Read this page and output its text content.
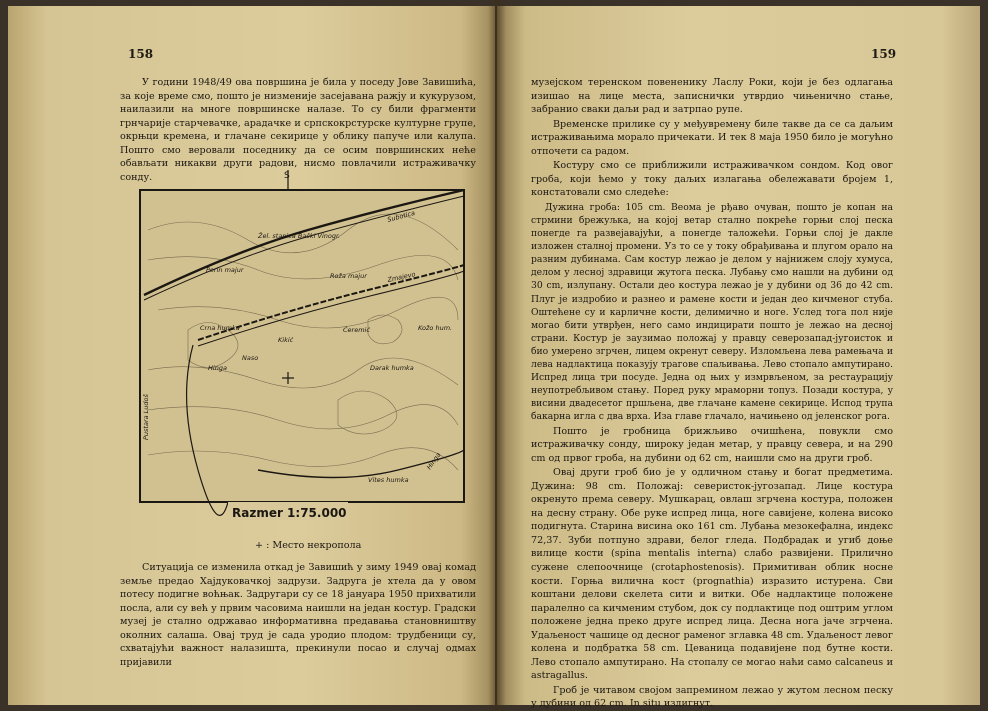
158	159

У години 1948/49 ова површина је била у поседу Јове Завишића, за које време смо, пошто је низменије засејавана ражју и кукурузом, наилазили на многе површинске налазе. То су били фрагменти грнчарије старчевачке, арадачке и српскокрстурске културне групе, окрњци кремена, и глачане секирице у облику папуче или калупа. Пошто смо веровали поседнику да се осим површинских неће обављати никакви други радови, нисмо повлачили истраживачку сонду.	S
Žel. stanica Bački Vinogr.
Perin majur
Roža majur
Crna humka
Kikić
Ćeremić	Kožo hum.
Hinga
Naso
Darak humka
Vites humka
Pustara Ludoš
Subotica
Zmajevo
Hinga
Razmer 1:75.000
+ : Место некропола

Ситуација се изменила откад је Завишић у зиму 1949 овај комад земље предао Хајдуковачкој задрузи. Задруга је хтела да у овом потесу подигне воћњак. Задругари су се 18 јануара 1950 прихватили посла, али су већ у првим часовима наишли на један костур. Градски музеј је стално одржавао информативна предавања становништву околних салаша. Овај труд је сада уродио плодом: трудбеници су, схватајући важност налазишта, прекинули посао и случај одмах пријавили

музејском теренском повененику Ласлу Роки, који је без одлагања изишао на лице места, записнички утврдио чињенично стање, забранио сваки даљи рад и затрпао рупе.

Временске прилике су у међувремену биле такве да се са даљим истраживањима морало причекати. И тек 8 маја 1950 било је могућно отпочети са радом.

Костуру смо се приближили истраживачком сондом. Код овог гроба, који ћемо у току даљих излагања обележавати бројем 1, констатовали смо следеће:

Дужина гроба: 105 cm. Веома је рђаво очуван, пошто је копан на стрмини брежуљка, на којој ветар стално покреће горњи слој песка понегде га развејавајући, а понегде таложећи. Горњи слој је дакле изложен сталној промени. Уз то се у току обрађивања и плугом орало на разним дубинама. Сам костур лежао је делом у најнижем слоју хумуса, делом у лесној здравици жутога песка. Лубању смо нашли на дубини од 30 cm, излупану. Остали део костура лежао је у дубини од 36 до 42 cm. Плуг је издробио и разнео и рамене кости и један део кичменог стуба. Оштећене су и карличне кости, делимично и ноге. Услед тога пол није могао бити утврђен, него само индицирати пошто је лежао на десној страни. Костур је заузимао положај у правцу северозапад-југоисток и био умерено згрчен, лицем окренут северу. Изломљена лева рамењача и лева надлактица показују трагове спаљивања. Лево стопало ампутирано. Испред лица три посуде. Једна од њих у измрвљеном, за рестаурацију неупотребљивом стању. Поред руку мраморни топуз. Позади костура, у висини двадесетог пршљена, две глачане камене секирице. Испод трупа бакарна игла с два врха. Иза главе глачало, начињено од јеленског рога.

Пошто је гробница брижљиво очишћена, повукли смо истраживачку сонду, широку један метар, у правцу севера, и на 290 cm од првог гроба, на дубини од 62 cm, наишли смо на други гроб.

Овај други гроб био је у одличном стању и богат предметима. Дужина: 98 cm. Положај: северисток-југозапад. Лице костура окренуто према северу. Мушкарац, овлаш згрчена костура, положен на десну страну. Обе руке испред лица, ноге савијене, колена високо подигнута. Старина висина око 161 cm. Лубања мезокефална, индекс 72,37. Зуби потпуно здрави, белог гледа. Подбрадак и угиб доње вилице кости (spina mentalis interna) слабо развијени. Прилично сужене слепоочнице (crotaphostenosis). Примитиван облик носне кости. Горња вилична кост (prognathia) изразито истурена. Сви коштани делови скелета сити и витки. Обе надлактице положене паралелно са кичменим стубом, док су подлактице под оштрим углом положене једна преко друге испред лица. Десна нога јаче згрчена. Удаљеност чашице од десног раменог зглавка 48 cm. Удаљеност левог колена и подбратка 58 cm. Цеваница подавијене под бутне кости. Лево стопало ампутирано. На стопалу се могао наћи само calcaneus и astragallus.

Гроб је читавом својом запремином лежао у жутом лесном песку у дубини од 62 cm. In situ издигнут.
